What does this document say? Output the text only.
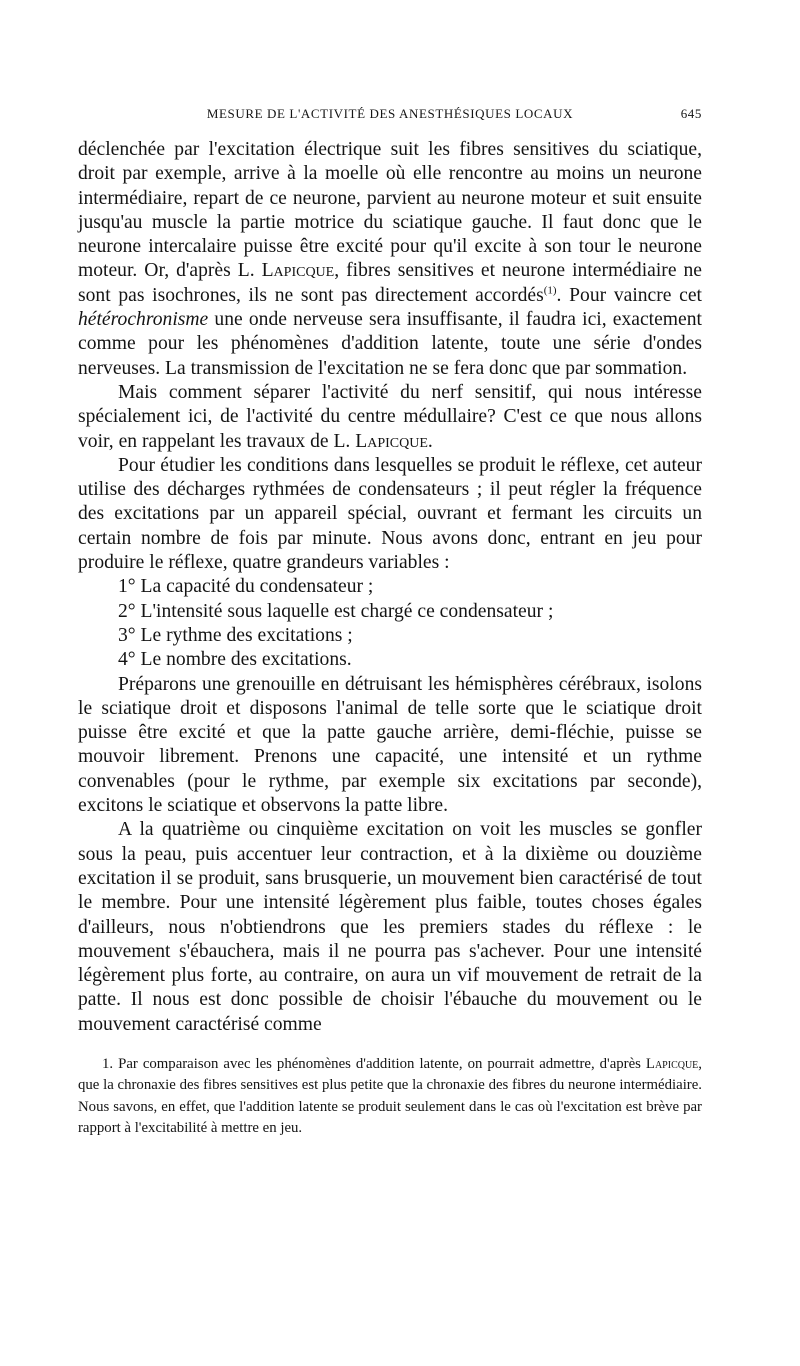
MESURE DE L'ACTIVITÉ DES ANESTHÉSIQUES LOCAUX	645

déclenchée par l'excitation électrique suit les fibres sensitives du sciatique, droit par exemple, arrive à la moelle où elle rencontre au moins un neurone intermédiaire, repart de ce neurone, parvient au neurone moteur et suit ensuite jusqu'au muscle la partie motrice du sciatique gauche. Il faut donc que le neurone intercalaire puisse être excité pour qu'il excite à son tour le neurone moteur. Or, d'après L. Lapicque, fibres sensitives et neurone intermédiaire ne sont pas isochrones, ils ne sont pas directement accordés$^{(1)}$. Pour vaincre cet hétérochronisme une onde nerveuse sera insuffisante, il faudra ici, exactement comme pour les phénomènes d'addition latente, toute une série d'ondes nerveuses. La transmission de l'excitation ne se fera donc que par sommation.

Mais comment séparer l'activité du nerf sensitif, qui nous intéresse spécialement ici, de l'activité du centre médullaire? C'est ce que nous allons voir, en rappelant les travaux de L. Lapicque.

Pour étudier les conditions dans lesquelles se produit le réflexe, cet auteur utilise des décharges rythmées de condensateurs ; il peut régler la fréquence des excitations par un appareil spécial, ouvrant et fermant les circuits un certain nombre de fois par minute. Nous avons donc, entrant en jeu pour produire le réflexe, quatre grandeurs variables :

1° La capacité du condensateur ;

2° L'intensité sous laquelle est chargé ce condensateur ;

3° Le rythme des excitations ;

4° Le nombre des excitations.

Préparons une grenouille en détruisant les hémisphères cérébraux, isolons le sciatique droit et disposons l'animal de telle sorte que le sciatique droit puisse être excité et que la patte gauche arrière, demi-fléchie, puisse se mouvoir librement. Prenons une capacité, une intensité et un rythme convenables (pour le rythme, par exemple six excitations par seconde), excitons le sciatique et observons la patte libre.

A la quatrième ou cinquième excitation on voit les muscles se gonfler sous la peau, puis accentuer leur contraction, et à la dixième ou douzième excitation il se produit, sans brusquerie, un mouvement bien caractérisé de tout le membre. Pour une intensité légèrement plus faible, toutes choses égales d'ailleurs, nous n'obtiendrons que les premiers stades du réflexe : le mouvement s'ébauchera, mais il ne pourra pas s'achever. Pour une intensité légèrement plus forte, au contraire, on aura un vif mouvement de retrait de la patte. Il nous est donc possible de choisir l'ébauche du mouvement ou le mouvement caractérisé comme

1. Par comparaison avec les phénomènes d'addition latente, on pourrait admettre, d'après Lapicque, que la chronaxie des fibres sensitives est plus petite que la chronaxie des fibres du neurone intermédiaire. Nous savons, en effet, que l'addition latente se produit seulement dans le cas où l'excitation est brève par rapport à l'excitabilité à mettre en jeu.
